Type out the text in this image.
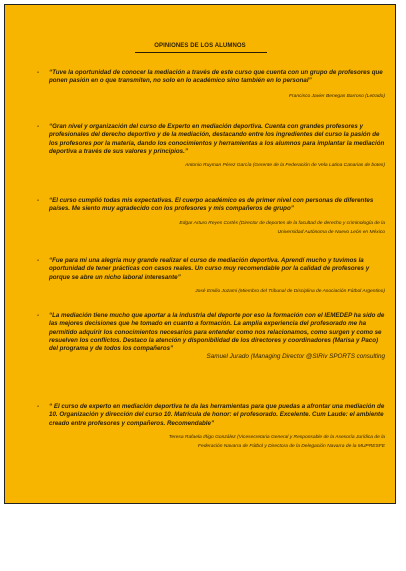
OPINIONES DE LOS ALUMNOS
- “Tuve la oportunidad de conocer la mediación a través de este curso que cuenta con un grupo de profesores que ponen pasión en o que transmiten, no solo en lo académico sino también en lo personal”
Francisco Javier Benegas Barroso (Letrado)
- “Gran nivel y organización del curso de Experto en mediación deportiva. Cuenta con grandes profesores y profesionales del derecho deportivo y de la mediación, destacando entre los ingredientes del curso la pasión de los profesores por la materia, dando los conocimientos y herramientas a los alumnos para implantar la mediación deportiva a través de sus valores y principios.”
Antonio Ruyman Pérez García (Gerente de la Federación de Vela Latina Canarias de botes)
- “El curso cumplió todas mis expectativas. El cuerpo académico es de primer nivel con personas de diferentes países. Me siento muy agradecido con los profesores y mis compañeros de grupo”
Edgar Arturo Reyes Cortés (Director de deportes de la facultad de derecho y criminología de la
Universidad Autónoma de Nuevo León en México
- “Fue para mi una alegría muy grande realizar el curso de mediación deportiva. Aprendí mucho y tuvimos la oportunidad de tener prácticas con casos reales. Un curso muy recomendable por la calidad de profesores y porque se abre un nicho laboral interesante”
José Emilio Jozami (Miembro del Tribunal de Disciplina de Asociación Fútbol Argentino)
- “La mediación tiene mucho que aportar a la industria del deporte por eso la formación con el IEMEDEP ha sido de las mejores decisiones que he tomado en cuanto a formación. La amplia experiencia del profesorado me ha permitido adquirir los conocimientos necesarios para entender como nos relacionamos, como surgen y como se resuelven los conflictos. Destaco la atención y disponibilidad de los directores y coordinadores (Marisa y Paco) del programa y de todos los compañeros”
Samuel Jurado (Managing Director @SIRiv SPORTS consulting
- “ El curso de experto en mediación deportiva te da las herramientas para que puedas a afrontar una mediación de 10. Organización y dirección del curso 10. Matrícula de honor: el profesorado. Excelente. Cum Laude: el ambiente creado entre profesores y compañeros. Recomendable”
Teresa Rafaela Iñigo González (Vicesecretaria General y Responsable de la Asesoría Jurídica de la
Federación Navarra de Fútbol y Directora de la Delegación Navarra de la MUPRESFE
